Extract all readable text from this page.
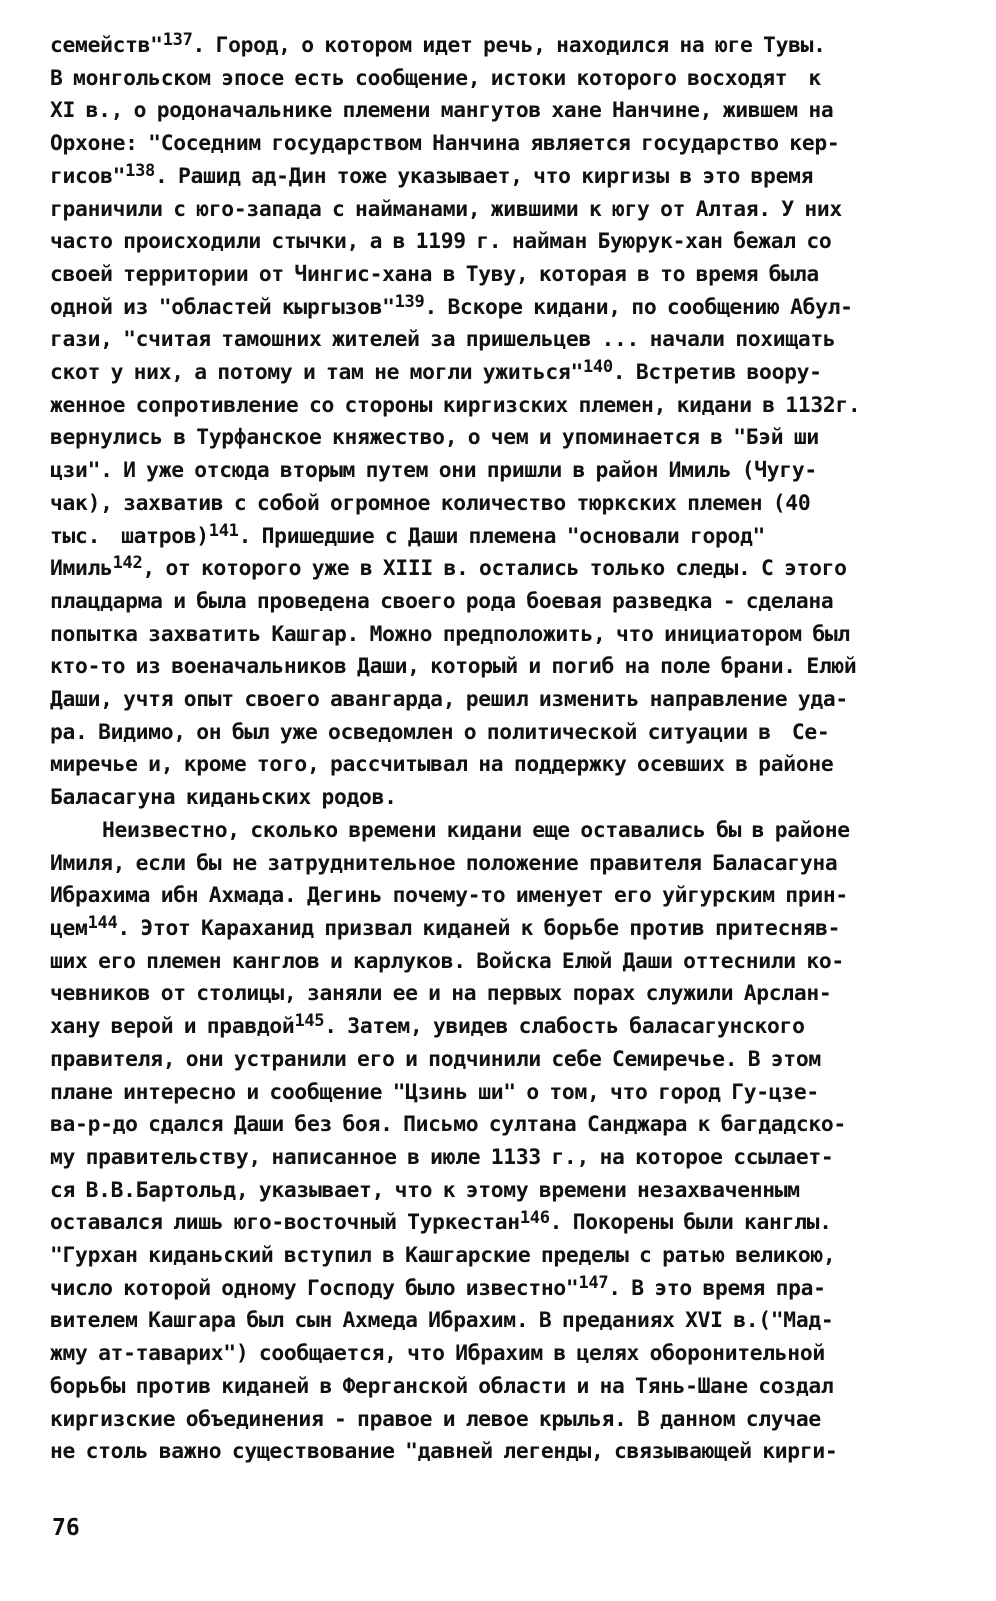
семейств"$^{137}$. Город, о котором идет речь, находился на юге Тувы.
В монгольском эпосе есть сообщение, истоки которого восходят  к
XI в., о родоначальнике племени мангутов хане Нанчине, жившем на
Орхоне: "Соседним государством Нанчина является государство кер-
гисов"$^{138}$. Рашид ад-Дин тоже указывает, что киргизы в это время
граничили с юго-запада с найманами, жившими к югу от Алтая. У них
часто происходили стычки, а в 1199 г. найман Буюрук-хан бежал со
своей территории от Чингис-хана в Туву, которая в то время была
одной из "областей кыргызов"$^{139}$. Вскоре кидани, по сообщению Абул-
гази, "считая тамошних жителей за пришельцев ... начали похищать
скот у них, а потому и там не могли ужиться"$^{140}$. Встретив воору-
женное сопротивление со стороны киргизских племен, кидани в 1132г.
вернулись в Турфанское княжество, о чем и упоминается в "Бэй ши
цзи". И уже отсюда вторым путем они пришли в район Имиль (Чугу-
чак), захватив с собой огромное количество тюркских племен (40
тыс.  шатров)$^{141}$. Пришедшие с Даши племена "основали город"
Имиль$^{142}$, от которого уже в XIII в. остались только следы. С этого
плацдарма и была проведена своего рода боевая разведка - сделана
попытка захватить Кашгар. Можно предположить, что инициатором был
кто-то из военачальников Даши, который и погиб на поле брани. Елюй
Даши, учтя опыт своего авангарда, решил изменить направление уда-
ра. Видимо, он был уже осведомлен о политической ситуации в  Се-
миречье и, кроме того, рассчитывал на поддержку осевших в районе
Баласагуна киданьских родов.
Неизвестно, сколько времени кидани еще оставались бы в районе
Имиля, если бы не затруднительное положение правителя Баласагуна
Ибрахима ибн Ахмада. Дегинь почему-то именует его уйгурским прин-
цем$^{144}$. Этот Караханид призвал киданей к борьбе против притесняв-
ших его племен канглов и карлуков. Войска Елюй Даши оттеснили ко-
чевников от столицы, заняли ее и на первых порах служили Арслан-
хану верой и правдой$^{145}$. Затем, увидев слабость баласагунского
правителя, они устранили его и подчинили себе Семиречье. В этом
плане интересно и сообщение "Цзинь ши" о том, что город Гу-цзе-
ва-р-до сдался Даши без боя. Письмо султана Санджара к багдадско-
му правительству, написанное в июле 1133 г., на которое ссылает-
ся В.В.Бартольд, указывает, что к этому времени незахваченным
оставался лишь юго-восточный Туркестан$^{146}$. Покорены были канглы.
"Гурхан киданьский вступил в Кашгарские пределы с ратью великою,
число которой одному Господу было известно"$^{147}$. В это время пра-
вителем Кашгара был сын Ахмеда Ибрахим. В преданиях XVI в.("Мад-
жму ат-таварих") сообщается, что Ибрахим в целях оборонительной
борьбы против киданей в Ферганской области и на Тянь-Шане создал
киргизские объединения - правое и левое крылья. В данном случае
не столь важно существование "давней легенды, связывающей кирги-
76
